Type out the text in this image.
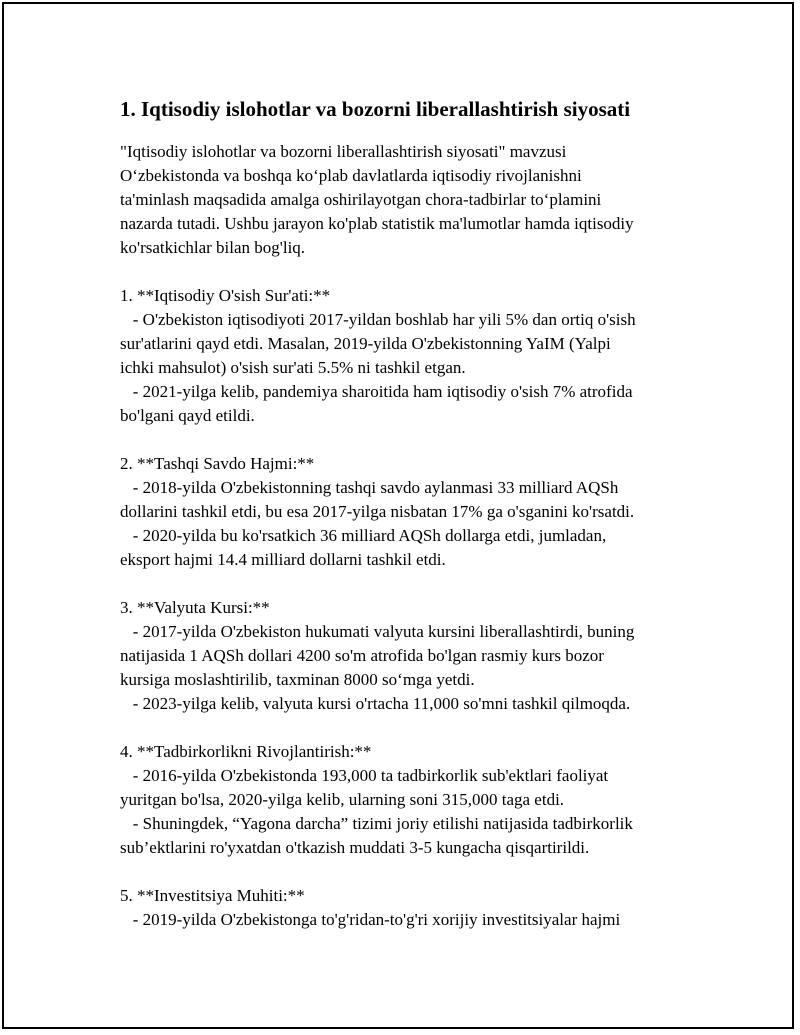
1. Iqtisodiy islohotlar va bozorni liberallashtirish siyosati
"Iqtisodiy islohotlar va bozorni liberallashtirish siyosati" mavzusi
O‘zbekistonda va boshqa ko‘plab davlatlarda iqtisodiy rivojlanishni
ta'minlash maqsadida amalga oshirilayotgan chora-tadbirlar to‘plamini
nazarda tutadi. Ushbu jarayon ko'plab statistik ma'lumotlar hamda iqtisodiy
ko'rsatkichlar bilan bog'liq.
1. **Iqtisodiy O'sish Sur'ati:**
- O'zbekiston iqtisodiyoti 2017-yildan boshlab har yili 5% dan ortiq o'sish
sur'atlarini qayd etdi. Masalan, 2019-yilda O'zbekistonning YaIM (Yalpi
ichki mahsulot) o'sish sur'ati 5.5% ni tashkil etgan.
- 2021-yilga kelib, pandemiya sharoitida ham iqtisodiy o'sish 7% atrofida
bo'lgani qayd etildi.
2. **Tashqi Savdo Hajmi:**
- 2018-yilda O'zbekistonning tashqi savdo aylanmasi 33 milliard AQSh
dollarini tashkil etdi, bu esa 2017-yilga nisbatan 17% ga o'sganini ko'rsatdi.
- 2020-yilda bu ko'rsatkich 36 milliard AQSh dollarga etdi, jumladan,
eksport hajmi 14.4 milliard dollarni tashkil etdi.
3. **Valyuta Kursi:**
- 2017-yilda O'zbekiston hukumati valyuta kursini liberallashtirdi, buning
natijasida 1 AQSh dollari 4200 so'm atrofida bo'lgan rasmiy kurs bozor
kursiga moslashtirilib, taxminan 8000 so‘mga yetdi.
- 2023-yilga kelib, valyuta kursi o'rtacha 11,000 so'mni tashkil qilmoqda.
4. **Tadbirkorlikni Rivojlantirish:**
- 2016-yilda O'zbekistonda 193,000 ta tadbirkorlik sub'ektlari faoliyat
yuritgan bo'lsa, 2020-yilga kelib, ularning soni 315,000 taga etdi.
- Shuningdek, “Yagona darcha” tizimi joriy etilishi natijasida tadbirkorlik
sub’ektlarini ro'yxatdan o'tkazish muddati 3-5 kungacha qisqartirildi.
5. **Investitsiya Muhiti:**
- 2019-yilda O'zbekistonga to'g'ridan-to'g'ri xorijiy investitsiyalar hajmi
